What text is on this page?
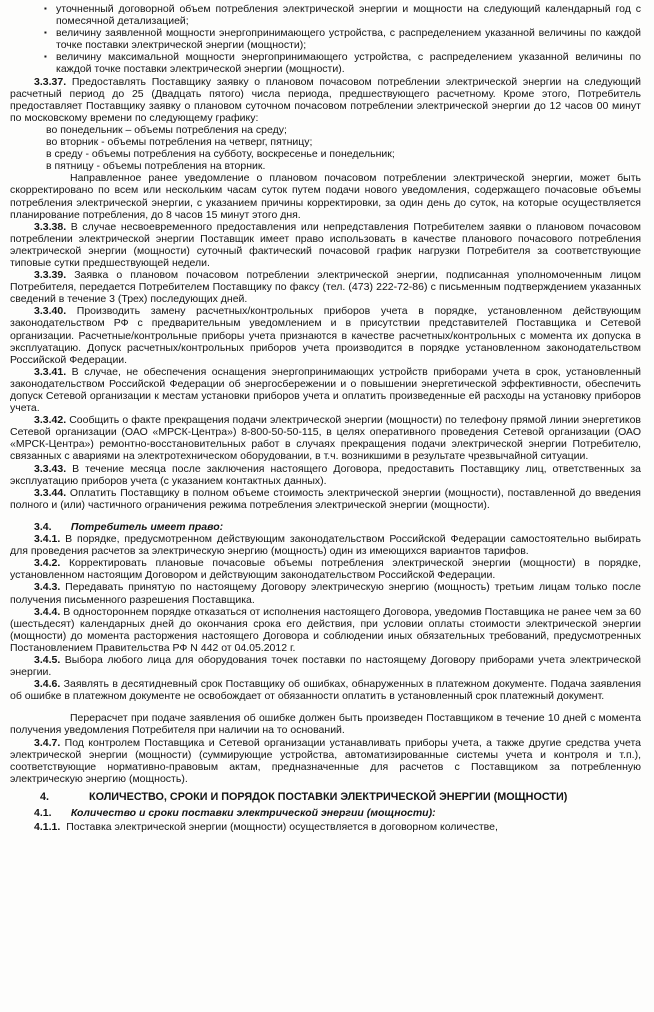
▪ уточненный договорной объем потребления электрической энергии и мощности на следующий календарный год с помесячной детализацией;
▪ величину заявленной мощности энергопринимающего устройства, с распределением указанной величины по каждой точке поставки электрической энергии (мощности);
▪ величину максимальной мощности энергопринимающего устройства, с распределением указанной величины по каждой точке поставки электрической энергии (мощности).

3.3.37. Предоставлять Поставщику заявку о плановом почасовом потреблении электрической энергии на следующий расчетный период до 25 (Двадцать пятого) числа периода, предшествующего расчетному. Кроме этого, Потребитель предоставляет Поставщику заявку о плановом суточном почасовом потреблении электрической энергии до 12 часов 00 минут по московскому времени по следующему графику:

во понедельник – объемы потребления на среду;

во вторник - объемы потребления на четверг, пятницу;

в среду - объемы потребления на субботу, воскресенье и понедельник;

в пятницу - объемы потребления на вторник.

Направленное ранее уведомление о плановом почасовом потреблении электрической энергии, может быть скорректировано по всем или нескольким часам суток путем подачи нового уведомления, содержащего почасовые объемы потребления электрической энергии, с указанием причины корректировки, за один день до суток, на которые осуществляется планирование потребления, до 8 часов 15 минут этого дня.

3.3.38. В случае несвоевременного предоставления или непредставления Потребителем заявки о плановом почасовом потреблении электрической энергии Поставщик имеет право использовать в качестве планового почасового потребления электрической энергии (мощности) суточный фактический почасовой график нагрузки Потребителя за соответствующие типовые сутки предшествующей недели.

3.3.39. Заявка о плановом почасовом потреблении электрической энергии, подписанная уполномоченным лицом Потребителя, передается Потребителем Поставщику по факсу (тел. (473) 222-72-86) с письменным подтверждением указанных сведений в течение 3 (Трех) последующих дней.

3.3.40. Производить замену расчетных/контрольных приборов учета в порядке, установленном действующим законодательством РФ с предварительным уведомлением и в присутствии представителей Поставщика и Сетевой организации. Расчетные/контрольные приборы учета признаются в качестве расчетных/контрольных с момента их допуска в эксплуатацию. Допуск расчетных/контрольных приборов учета производится в порядке установленном законодательством Российской Федерации.

3.3.41. В случае, не обеспечения оснащения энергопринимающих устройств приборами учета в срок, установленный законодательством Российской Федерации об энергосбережении и о повышении энергетической эффективности, обеспечить допуск Сетевой организации к местам установки приборов учета и оплатить произведенные ей расходы на установку приборов учета.

3.3.42. Сообщить о факте прекращения подачи электрической энергии (мощности) по телефону прямой линии энергетиков Сетевой организации (ОАО «МРСК-Центра») 8-800-50-50-115, в целях оперативного проведения Сетевой организации (ОАО «МРСК-Центра») ремонтно-восстановительных работ в случаях прекращения подачи электрической энергии Потребителю, связанных с авариями на электротехническом оборудовании, в т.ч. возникшими в результате чрезвычайной ситуации.

3.3.43. В течение месяца после заключения настоящего Договора, предоставить Поставщику лиц, ответственных за эксплуатацию приборов учета (с указанием контактных данных).

3.3.44. Оплатить Поставщику в полном объеме стоимость электрической энергии (мощности), поставленной до введения полного и (или) частичного ограничения режима потребления электрической энергии (мощности).

3.4. Потребитель имеет право:

3.4.1. В порядке, предусмотренном действующим законодательством Российской Федерации самостоятельно выбирать для проведения расчетов за электрическую энергию (мощность) один из имеющихся вариантов тарифов.

3.4.2. Корректировать плановые почасовые объемы потребления электрической энергии (мощности) в порядке, установленном настоящим Договором и действующим законодательством Российской Федерации.

3.4.3. Передавать принятую по настоящему Договору электрическую энергию (мощность) третьим лицам только после получения письменного разрешения Поставщика.

3.4.4. В одностороннем порядке отказаться от исполнения настоящего Договора, уведомив Поставщика не ранее чем за 60 (шестьдесят) календарных дней до окончания срока его действия, при условии оплаты стоимости электрической энергии (мощности) до момента расторжения настоящего Договора и соблюдении иных обязательных требований, предусмотренных Постановлением Правительства РФ N 442 от 04.05.2012 г.

3.4.5. Выбора любого лица для оборудования точек поставки по настоящему Договору приборами учета электрической энергии.

3.4.6. Заявлять в десятидневный срок Поставщику об ошибках, обнаруженных в платежном документе. Подача заявления об ошибке в платежном документе не освобождает от обязанности оплатить в установленный срок платежный документ.

Перерасчет при подаче заявления об ошибке должен быть произведен Поставщиком в течение 10 дней с момента получения уведомления Потребителя при наличии на то оснований.

3.4.7. Под контролем Поставщика и Сетевой организации устанавливать приборы учета, а также другие средства учета электрической энергии (мощности) (суммирующие устройства, автоматизированные системы учета и контроля и т.п.), соответствующие нормативно-правовым актам, предназначенные для расчетов с Поставщиком за потребленную электрическую энергию (мощность).

4.	КОЛИЧЕСТВО, СРОКИ И ПОРЯДОК ПОСТАВКИ ЭЛЕКТРИЧЕСКОЙ ЭНЕРГИИ (МОЩНОСТИ)

4.1. Количество и сроки поставки электрической энергии (мощности):

4.1.1. Поставка электрической энергии (мощности) осуществляется в договорном количестве,
